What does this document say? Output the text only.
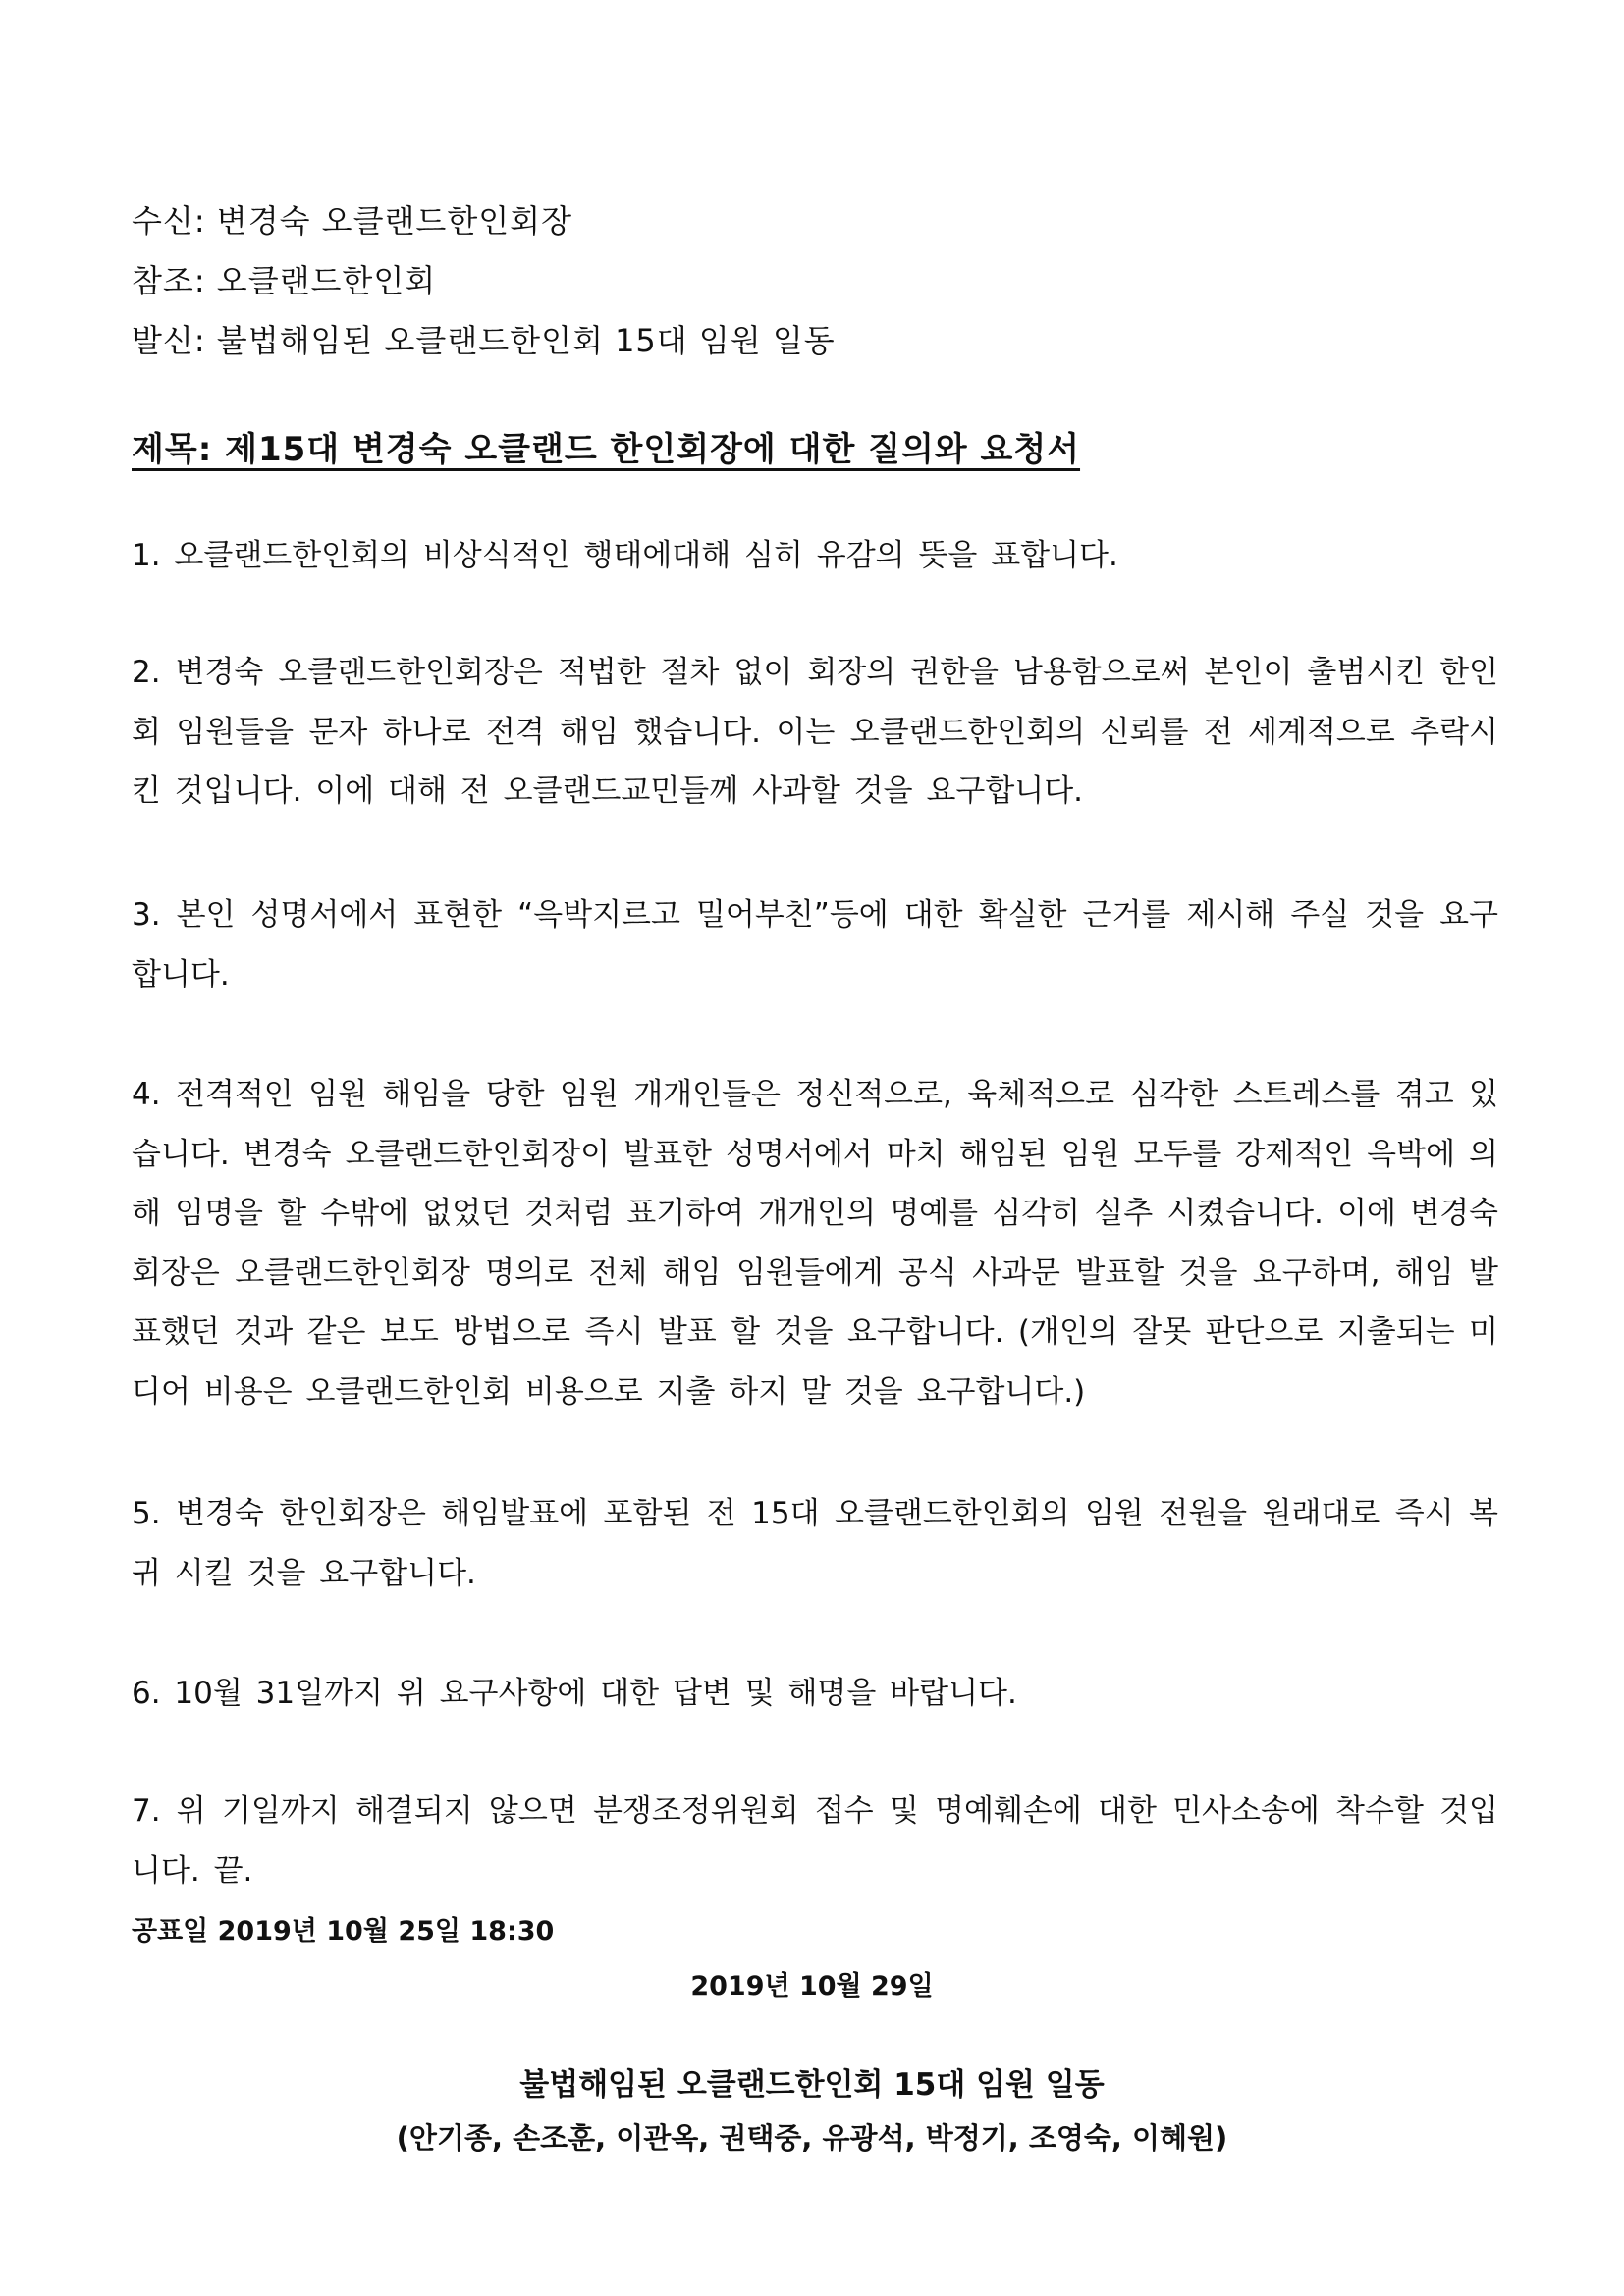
수신: 변경숙 오클랜드한인회장
참조: 오클랜드한인회
발신: 불법해임된 오클랜드한인회 15대 임원 일동
제목: 제15대 변경숙 오클랜드 한인회장에 대한 질의와 요청서
1. 오클랜드한인회의 비상식적인 행태에대해 심히 유감의 뜻을 표합니다.
2. 변경숙 오클랜드한인회장은 적법한 절차 없이 회장의 권한을 남용함으로써 본인이 출범시킨 한인회 임원들을 문자 하나로 전격 해임 했습니다. 이는 오클랜드한인회의 신뢰를 전 세계적으로 추락시킨 것입니다. 이에 대해 전 오클랜드교민들께 사과할 것을 요구합니다.
3. 본인 성명서에서 표현한 “윽박지르고 밀어부친”등에 대한 확실한 근거를 제시해 주실 것을 요구합니다.
4. 전격적인 임원 해임을 당한 임원 개개인들은 정신적으로, 육체적으로 심각한 스트레스를 겪고 있습니다. 변경숙 오클랜드한인회장이 발표한 성명서에서 마치 해임된 임원 모두를 강제적인 윽박에 의해 임명을 할 수밖에 없었던 것처럼 표기하여 개개인의 명예를 심각히 실추 시켰습니다. 이에 변경숙 회장은 오클랜드한인회장 명의로 전체 해임 임원들에게 공식 사과문 발표할 것을 요구하며, 해임 발표했던 것과 같은 보도 방법으로 즉시 발표 할 것을 요구합니다. (개인의 잘못 판단으로 지출되는 미디어 비용은 오클랜드한인회 비용으로 지출 하지 말 것을 요구합니다.)
5. 변경숙 한인회장은 해임발표에 포함된 전 15대 오클랜드한인회의 임원 전원을 원래대로 즉시 복귀 시킬 것을 요구합니다.
6. 10월 31일까지 위 요구사항에 대한 답변 및 해명을 바랍니다.
7. 위 기일까지 해결되지 않으면 분쟁조정위원회 접수 및 명예훼손에 대한 민사소송에 착수할 것입니다. 끝.
공표일 2019년 10월 25일 18:30
2019년 10월 29일
불법해임된 오클랜드한인회 15대 임원 일동
(안기종, 손조훈, 이관옥, 권택중, 유광석, 박정기, 조영숙, 이혜원)
